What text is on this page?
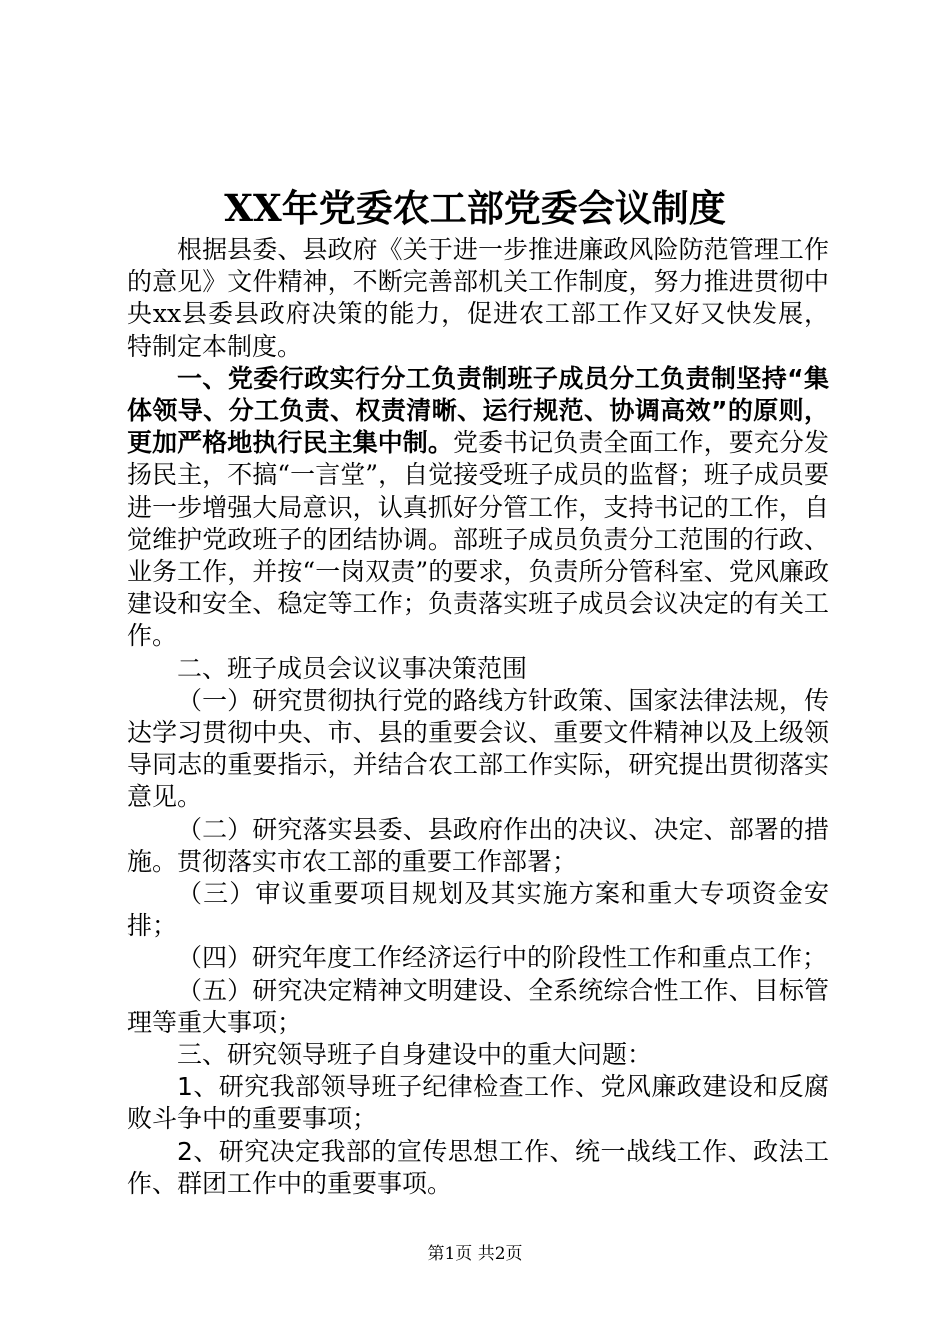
XX年党委农工部党委会议制度

根据县委、县政府《关于进一步推进廉政风险防范管理工作的意见》文件精神，不断完善部机关工作制度，努力推进贯彻中央xx县委县政府决策的能力，促进农工部工作又好又快发展，特制定本制度。

一、党委行政实行分工负责制班子成员分工负责制坚持“集体领导、分工负责、权责清晰、运行规范、协调高效”的原则，更加严格地执行民主集中制。党委书记负责全面工作，要充分发扬民主，不搞“一言堂”，自觉接受班子成员的监督；班子成员要进一步增强大局意识，认真抓好分管工作，支持书记的工作，自觉维护党政班子的团结协调。部班子成员负责分工范围的行政、业务工作，并按“一岗双责”的要求，负责所分管科室、党风廉政建设和安全、稳定等工作；负责落实班子成员会议决定的有关工作。

二、班子成员会议议事决策范围

（一）研究贯彻执行党的路线方针政策、国家法律法规，传达学习贯彻中央、市、县的重要会议、重要文件精神以及上级领导同志的重要指示，并结合农工部工作实际，研究提出贯彻落实意见。

（二）研究落实县委、县政府作出的决议、决定、部署的措施。贯彻落实市农工部的重要工作部署；

（三）审议重要项目规划及其实施方案和重大专项资金安排；

（四）研究年度工作经济运行中的阶段性工作和重点工作；

（五）研究决定精神文明建设、全系统综合性工作、目标管理等重大事项；

三、研究领导班子自身建设中的重大问题：

1、研究我部领导班子纪律检查工作、党风廉政建设和反腐败斗争中的重要事项；

2、研究决定我部的宣传思想工作、统一战线工作、政法工作、群团工作中的重要事项。

第1页 共2页
